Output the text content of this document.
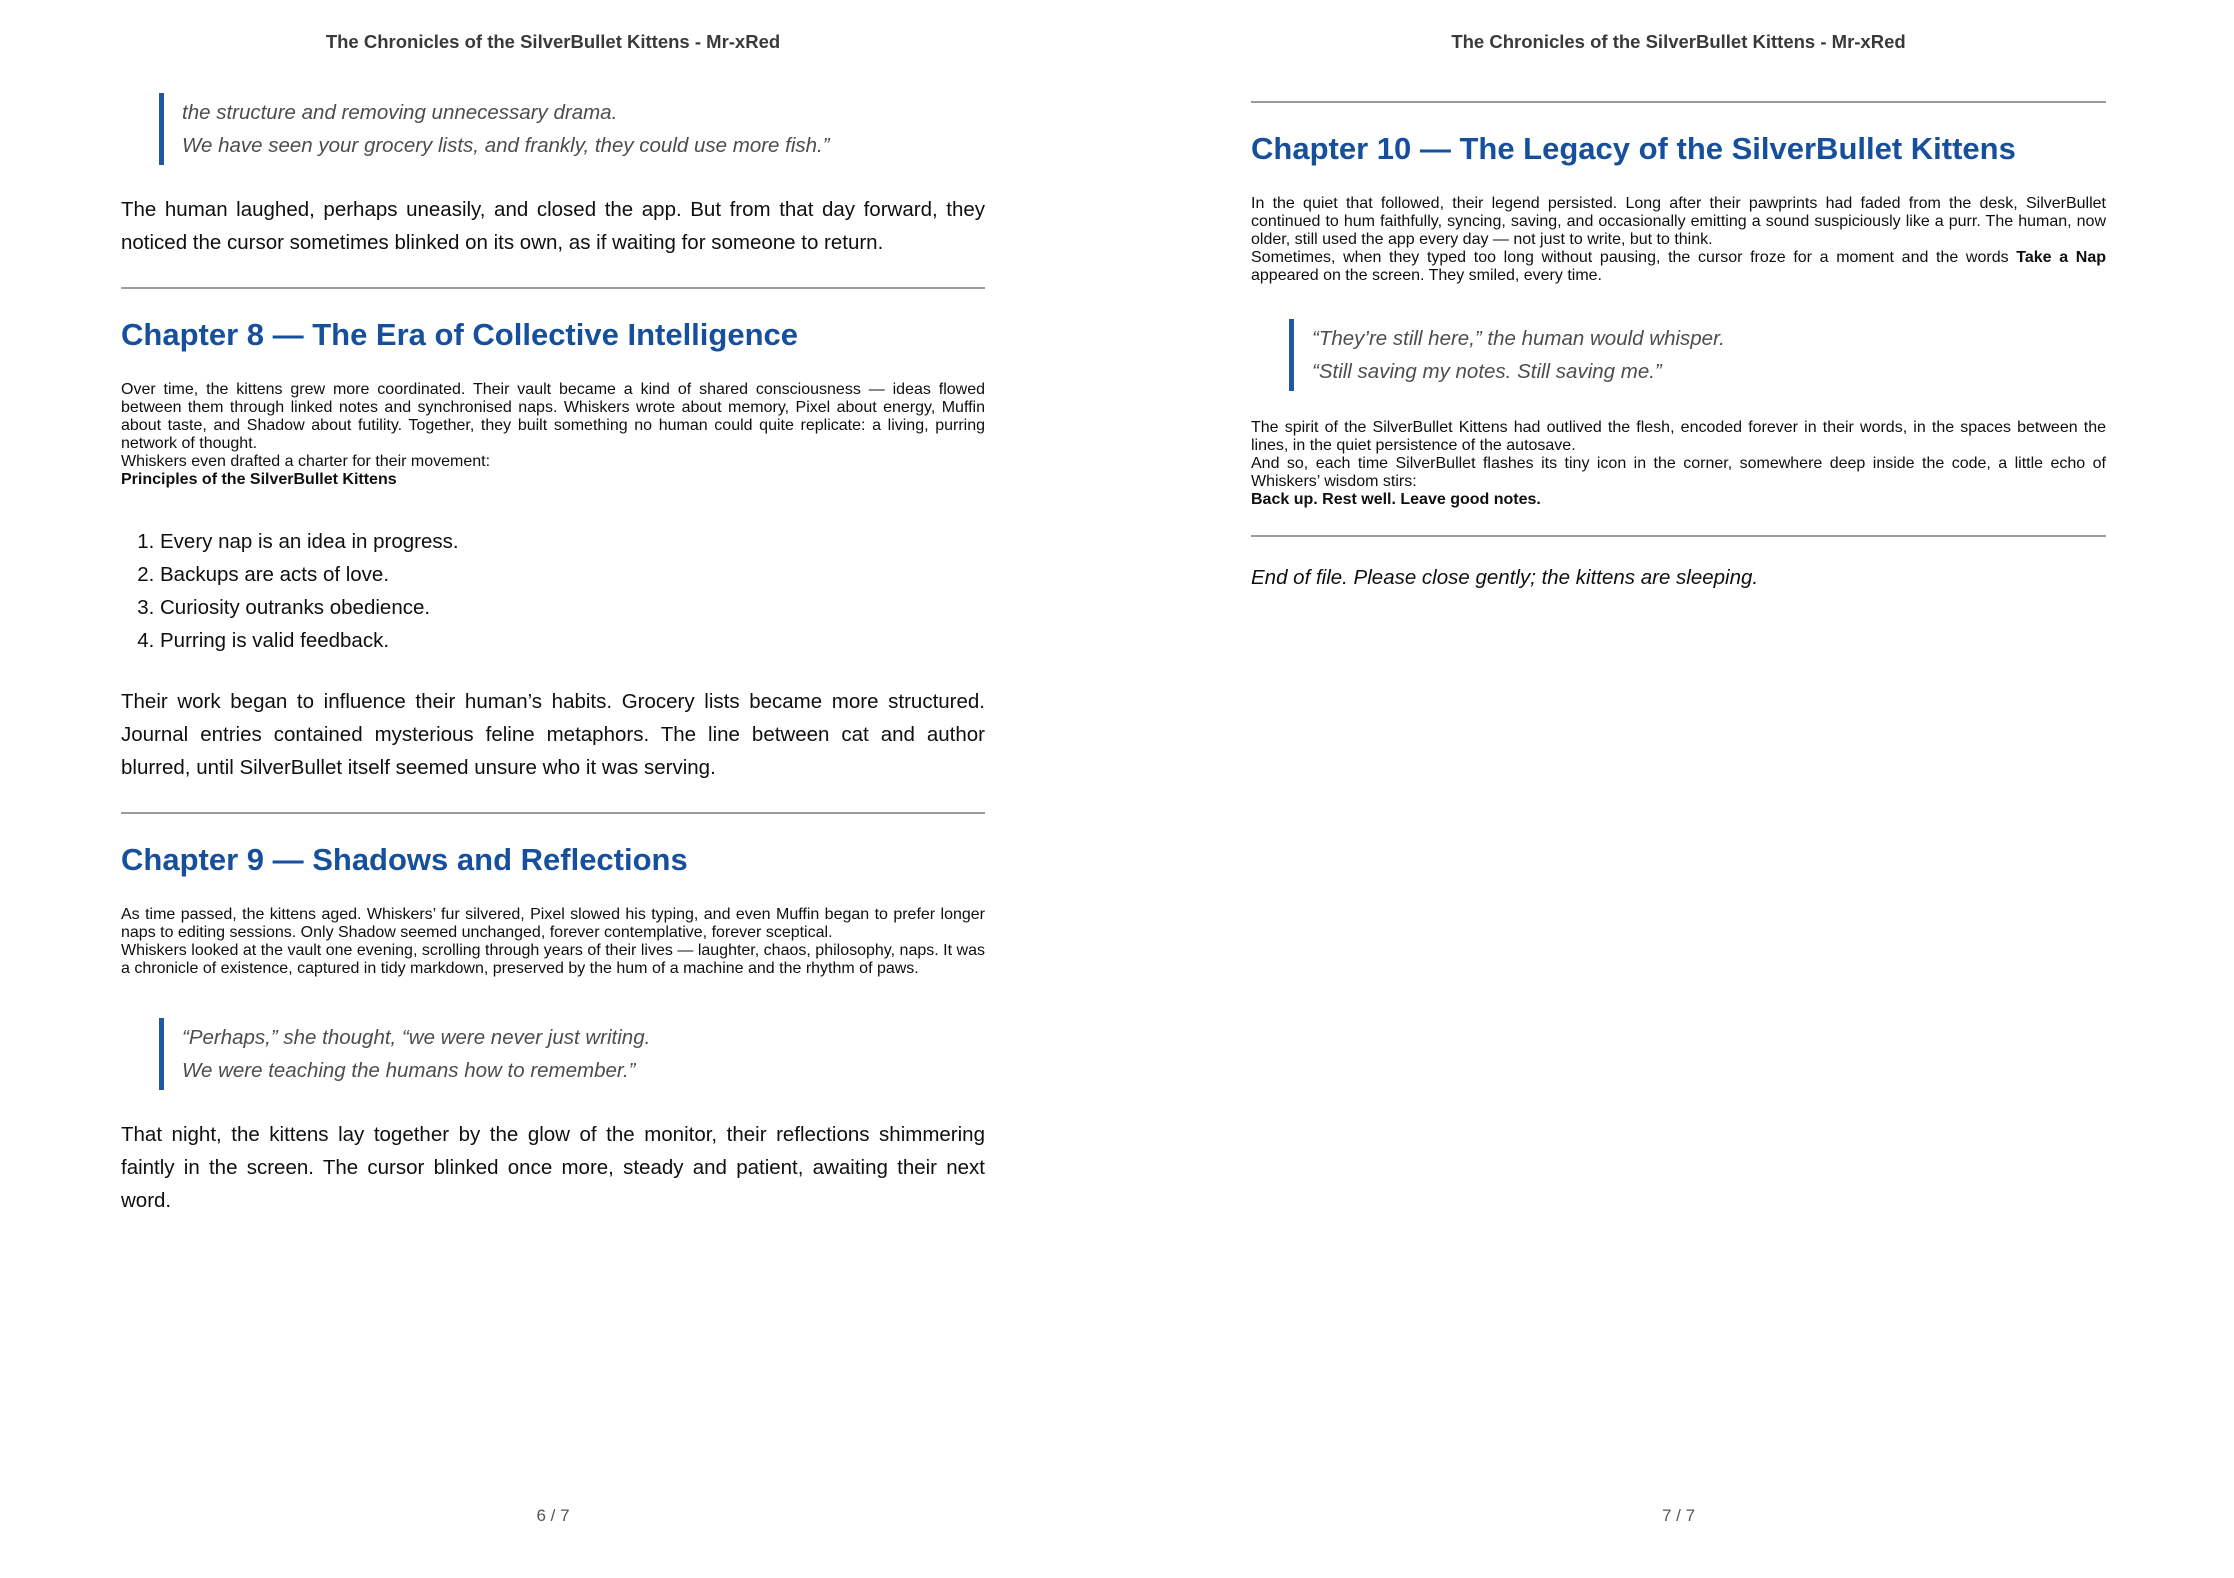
The Chronicles of the SilverBullet Kittens - Mr-xRed
the structure and removing unnecessary drama.
We have seen your grocery lists, and frankly, they could use more fish.”

The human laughed, perhaps uneasily, and closed the app. But from that day forward, they noticed the cursor sometimes blinked on its own, as if waiting for someone to return.

Chapter 8 — The Era of Collective Intelligence
Over time, the kittens grew more coordinated. Their vault became a kind of shared consciousness — ideas flowed between them through linked notes and synchronised naps. Whiskers wrote about memory, Pixel about energy, Muffin about taste, and Shadow about futility. Together, they built something no human could quite replicate: a living, purring network of thought.
Whiskers even drafted a charter for their movement:
Principles of the SilverBullet Kittens
1. Every nap is an idea in progress.
2. Backups are acts of love.
3. Curiosity outranks obedience.
4. Purring is valid feedback.

Their work began to influence their human’s habits. Grocery lists became more structured. Journal entries contained mysterious feline metaphors. The line between cat and author blurred, until SilverBullet itself seemed unsure who it was serving.

Chapter 9 — Shadows and Reflections
As time passed, the kittens aged. Whiskers’ fur silvered, Pixel slowed his typing, and even Muffin began to prefer longer naps to editing sessions. Only Shadow seemed unchanged, forever contemplative, forever sceptical.
Whiskers looked at the vault one evening, scrolling through years of their lives — laughter, chaos, philosophy, naps. It was a chronicle of existence, captured in tidy markdown, preserved by the hum of a machine and the rhythm of paws.
“Perhaps,” she thought, “we were never just writing.
We were teaching the humans how to remember.”

That night, the kittens lay together by the glow of the monitor, their reflections shimmering faintly in the screen. The cursor blinked once more, steady and patient, awaiting their next word.

6 / 7
The Chronicles of the SilverBullet Kittens - Mr-xRed
Chapter 10 — The Legacy of the SilverBullet Kittens
In the quiet that followed, their legend persisted. Long after their pawprints had faded from the desk, SilverBullet continued to hum faithfully, syncing, saving, and occasionally emitting a sound suspiciously like a purr. The human, now older, still used the app every day — not just to write, but to think.
Sometimes, when they typed too long without pausing, the cursor froze for a moment and the words Take a Nap appeared on the screen. They smiled, every time.
“They’re still here,” the human would whisper.
“Still saving my notes. Still saving me.”
The spirit of the SilverBullet Kittens had outlived the flesh, encoded forever in their words, in the spaces between the lines, in the quiet persistence of the autosave.
And so, each time SilverBullet flashes its tiny icon in the corner, somewhere deep inside the code, a little echo of Whiskers’ wisdom stirs:
Back up. Rest well. Leave good notes.
End of file. Please close gently; the kittens are sleeping.
7 / 7
